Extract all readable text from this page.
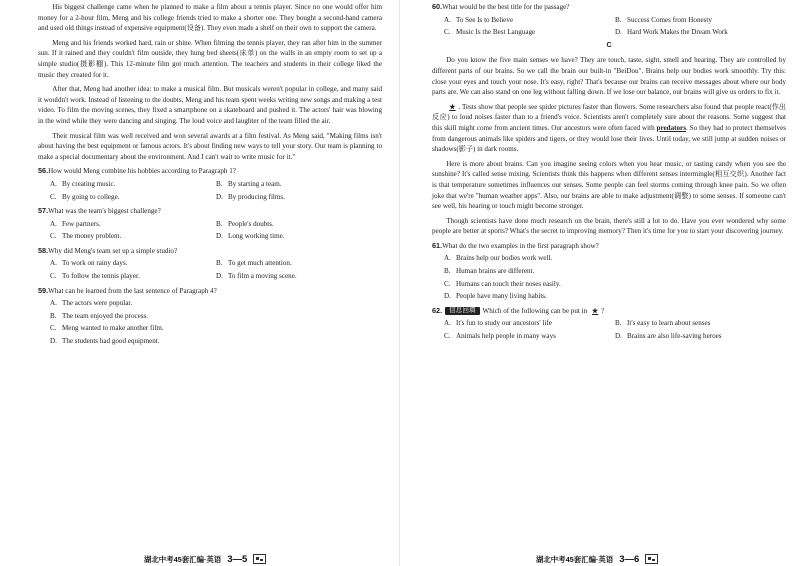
His biggest challenge came when he planned to make a film about a tennis player. Since no one would offer him money for a 2-hour film, Meng and his college friends tried to make a shorter one. They bought a second-hand camera and used old things instead of expensive equipment(设备). They even made a shelf on their own to support the camera.

Meng and his friends worked hard, rain or shine. When filming the tennis player, they ran after him in the summer sun. If it rained and they couldn't film outside, they hung bed sheets(床单) on the walls in an empty room to set up a simple studio(摄影棚). This 12-minute film got much attention. The teachers and students in their college liked the music they created for it.

After that, Meng had another idea: to make a musical film. But musicals weren't popular in college, and many said it wouldn't work. Instead of listening to the doubts, Meng and his team spent weeks writing new songs and making a test video. To film the moving scenes, they fixed a smartphone on a skateboard and pushed it. The actors' hair was blowing in the wind while they were dancing and singing. The loud voice and laughter of the team filled the air.

Their musical film was well received and won several awards at a film festival. As Meng said, "Making films isn't about having the best equipment or famous actors. It's about finding new ways to tell your story. Our team is planning to make a special documentary about the environment. And I can't wait to write music for it."

56.How would Meng combine his hobbies according to Paragraph 1?
A. By creating music.	B. By starting a team.
C. By going to college.	D. By producing films.
57.What was the team's biggest challenge?
A. Few partners.	B. People's doubts.
C. The money problem.	D. Long working time.
58.Why did Meng's team set up a simple studio?
A. To work on rainy days.	B. To get much attention.
C. To follow the tennis player.	D. To film a moving scene.
59.What can be learned from the last sentence of Paragraph 4?
A. The actors were popular.
B. The team enjoyed the process.
C. Meng wanted to make another film.
D. The students had good equipment.
湖北中考45套汇编·英语 3—5
60.What would be the best title for the passage?
A. To See Is to Believe	B. Success Comes from Honesty
C. Music Is the Best Language	D. Hard Work Makes the Dream Work
C

Do you know the five main senses we have? They are touch, taste, sight, smell and hearing. They are controlled by different parts of our brains. So we call the brain our built-in "BeiDou". Brains help our bodies work smoothly. Try this: close your eyes and touch your nose. It's easy, right? That's because our brains can receive messages about where our body parts are. We can also stand on one leg without falling down. If we lose our balance, our brains will give us orders to fix it.

★ . Tests show that people see spider pictures faster than flowers. Some researchers also found that people react(作出反应) to loud noises faster than to a friend's voice. Scientists aren't completely sure about the reasons. Some suggest that this skill might come from ancient times. Our ancestors were often faced with predators. So they had to protect themselves from dangerous animals like spiders and tigers, or they would lose their lives. Until today, we still jump at sudden noises or shadows(影子) in dark rooms.

Here is more about brains. Can you imagine seeing colors when you hear music, or tasting candy when you see the sunshine? It's called sense mixing. Scientists think this happens when different senses intermingle(相互交织). Another fact is that temperature sometimes influences our senses. Some people can feel storms coming through knee pain. So we often joke that we're "human weather apps". Also, our brains are able to make adjustment(调整) to some senses. If someone can't see well, his hearing or touch might become stronger.

Though scientists have done much research on the brain, there's still a lot to do. Have you ever wondered why some people are better at sports? What's the secret to improving memory? Then it's time for you to start your discovering journey.

61.What do the two examples in the first paragraph show?
A. Brains help our bodies work well.
B. Human brains are different.
C. Humans can touch their noses easily.
D. People have many living habits.
62. 信息回填 Which of the following can be put in ★ ?
A. It's fun to study our ancestors' life	B. It's easy to learn about senses
C. Animals help people in many ways	D. Brains are also life-saving heroes
湖北中考45套汇编·英语 3—6
